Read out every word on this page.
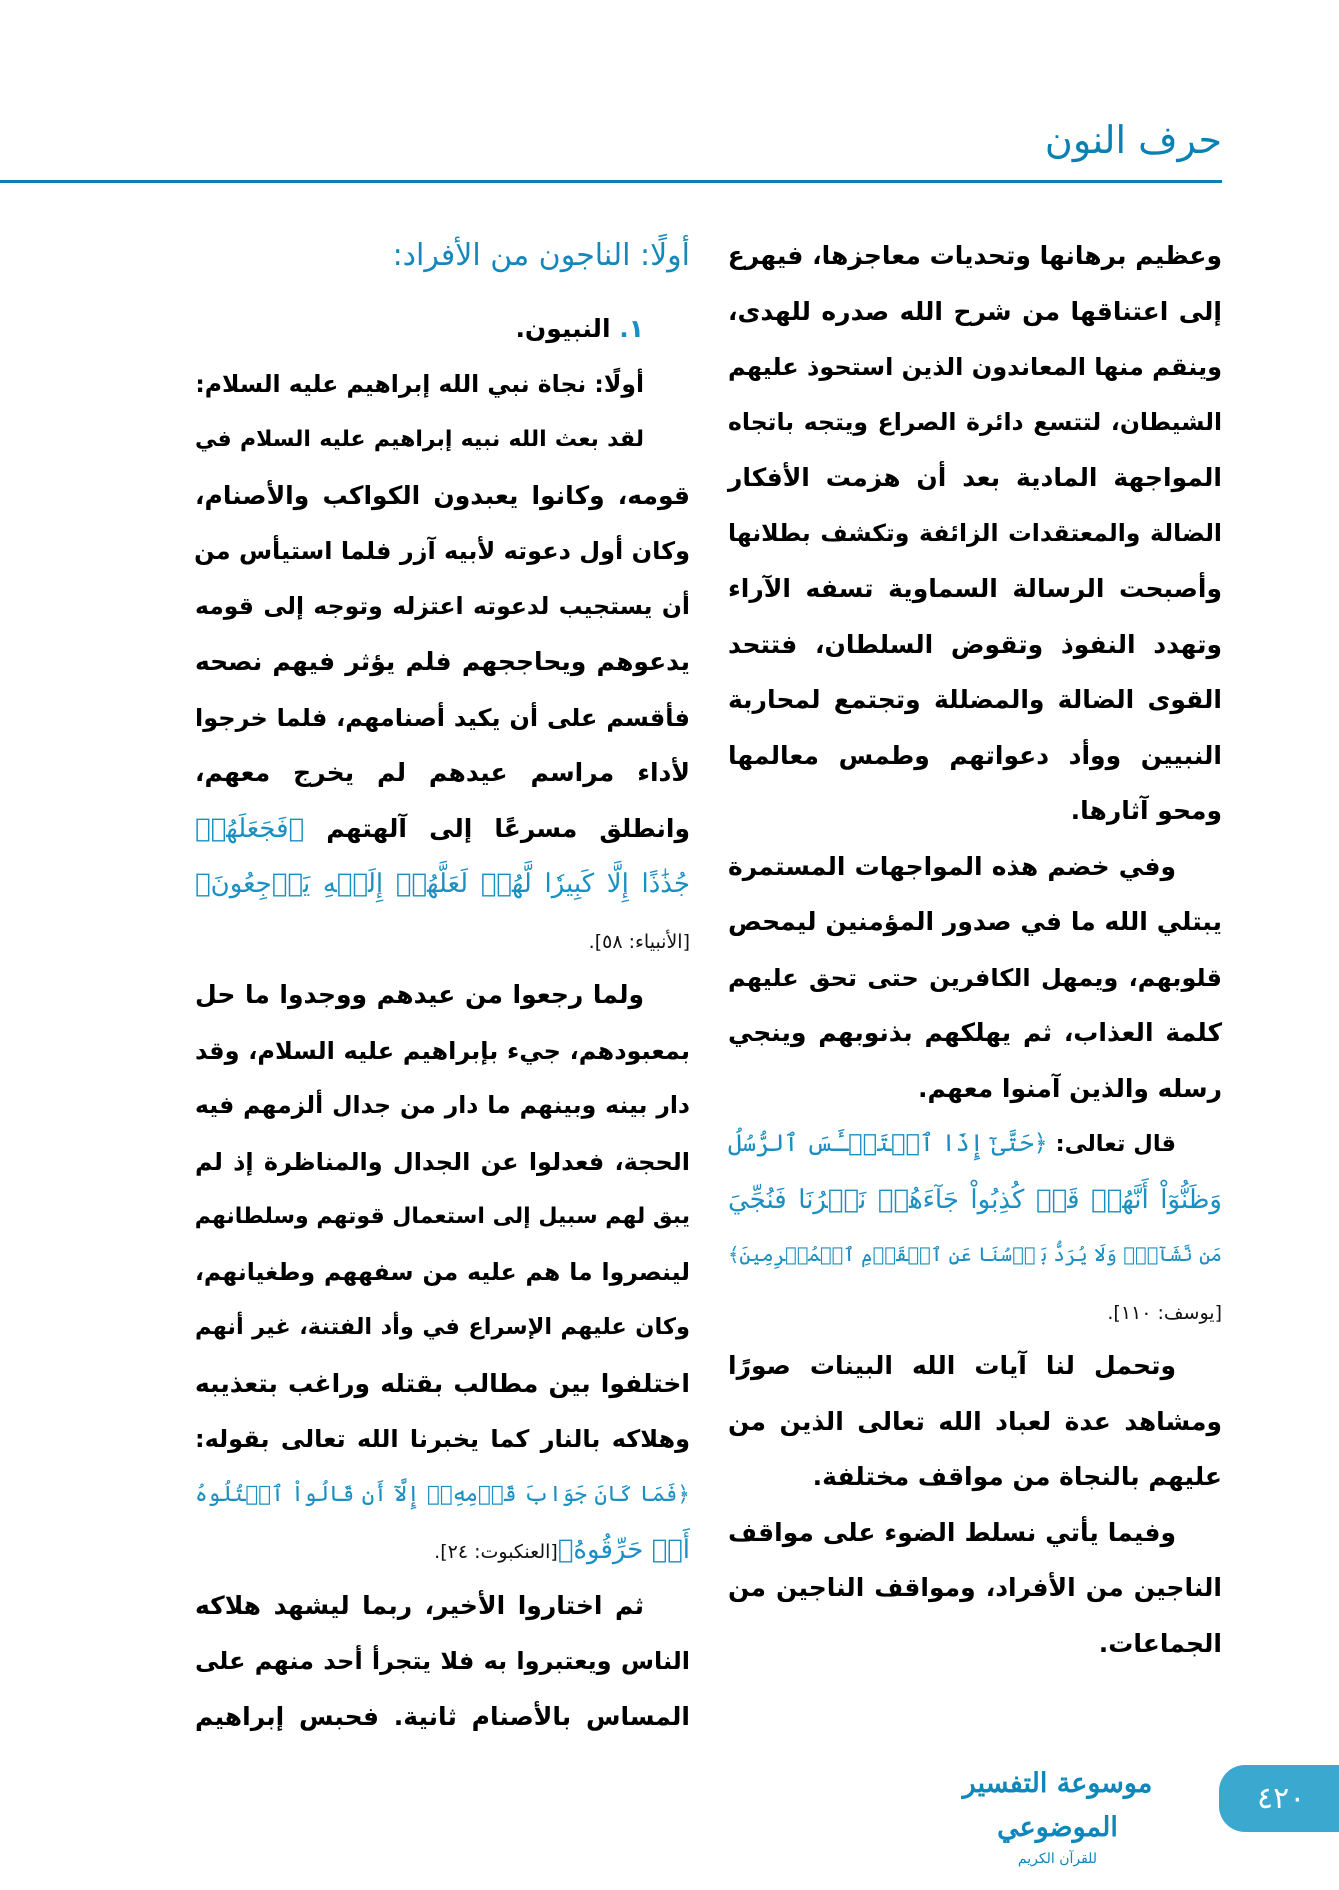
حرف النون
وعظيم برهانها وتحديات معاجزها، فيهرع
إلى اعتناقها من شرح الله صدره للهدى،
وينقم منها المعاندون الذين استحوذ عليهم
الشيطان، لتتسع دائرة الصراع ويتجه باتجاه
المواجهة المادية بعد أن هزمت الأفكار
الضالة والمعتقدات الزائفة وتكشف بطلانها
وأصبحت الرسالة السماوية تسفه الآراء
وتهدد النفوذ وتقوض السلطان، فتتحد
القوى الضالة والمضللة وتجتمع لمحاربة
النبيين ووأد دعواتهم وطمس معالمها
ومحو آثارها.
وفي خضم هذه المواجهات المستمرة
يبتلي الله ما في صدور المؤمنين ليمحص
قلوبهم، ويمهل الكافرين حتى تحق عليهم
كلمة العذاب، ثم يهلكهم بذنوبهم وينجي
رسله والذين آمنوا معهم.
قال تعالى: ﴿حَتَّىٰٓ إِذَا ٱسۡتَيۡـَٔسَ ٱلرُّسُلُ
وَظَنُّوٓاْ أَنَّهُمۡ قَدۡ كُذِبُواْ جَآءَهُمۡ نَصۡرُنَا فَنُجِّيَ
مَن نَّشَآءُۖ وَلَا يُرَدُّ بَأۡسُنَا عَنِ ٱلۡقَوۡمِ ٱلۡمُجۡرِمِينَ﴾
[يوسف: ١١٠].
وتحمل لنا آيات الله البينات صورًا
ومشاهد عدة لعباد الله تعالى الذين من
عليهم بالنجاة من مواقف مختلفة.
وفيما يأتي نسلط الضوء على مواقف
الناجين من الأفراد، ومواقف الناجين من
الجماعات.
أولًا: الناجون من الأفراد:
١. النبيون.
أولًا: نجاة نبي الله إبراهيم عليه السلام:
لقد بعث الله نبيه إبراهيم عليه السلام في
قومه، وكانوا يعبدون الكواكب والأصنام،
وكان أول دعوته لأبيه آزر فلما استيأس من
أن يستجيب لدعوته اعتزله وتوجه إلى قومه
يدعوهم ويحاججهم فلم يؤثر فيهم نصحه
فأقسم على أن يكيد أصنامهم، فلما خرجوا
لأداء مراسم عيدهم لم يخرج معهم،
وانطلق مسرعًا إلى آلهتهم ﴿فَجَعَلَهُمۡ
جُذَٰذًا إِلَّا كَبِيرٗا لَّهُمۡ لَعَلَّهُمۡ إِلَيۡهِ يَرۡجِعُونَ﴾
[الأنبياء: ٥٨].
ولما رجعوا من عيدهم ووجدوا ما حل
بمعبودهم، جيء بإبراهيم عليه السلام، وقد
دار بينه وبينهم ما دار من جدال ألزمهم فيه
الحجة، فعدلوا عن الجدال والمناظرة إذ لم
يبق لهم سبيل إلى استعمال قوتهم وسلطانهم
لينصروا ما هم عليه من سفههم وطغيانهم،
وكان عليهم الإسراع في وأد الفتنة، غير أنهم
اختلفوا بين مطالب بقتله وراغب بتعذيبه
وهلاكه بالنار كما يخبرنا الله تعالى بقوله:
﴿فَمَا كَانَ جَوَابَ قَوۡمِهِۦٓ إِلَّآ أَن قَالُواْ ٱقۡتُلُوهُ
أَوۡ حَرِّقُوهُ﴾[العنكبوت: ٢٤].
ثم اختاروا الأخير، ربما ليشهد هلاكه
الناس ويعتبروا به فلا يتجرأ أحد منهم على
المساس بالأصنام ثانية. فحبس إبراهيم
موسوعة التفسير الموضوعي
للقرآن الكريم
٤٢٠
